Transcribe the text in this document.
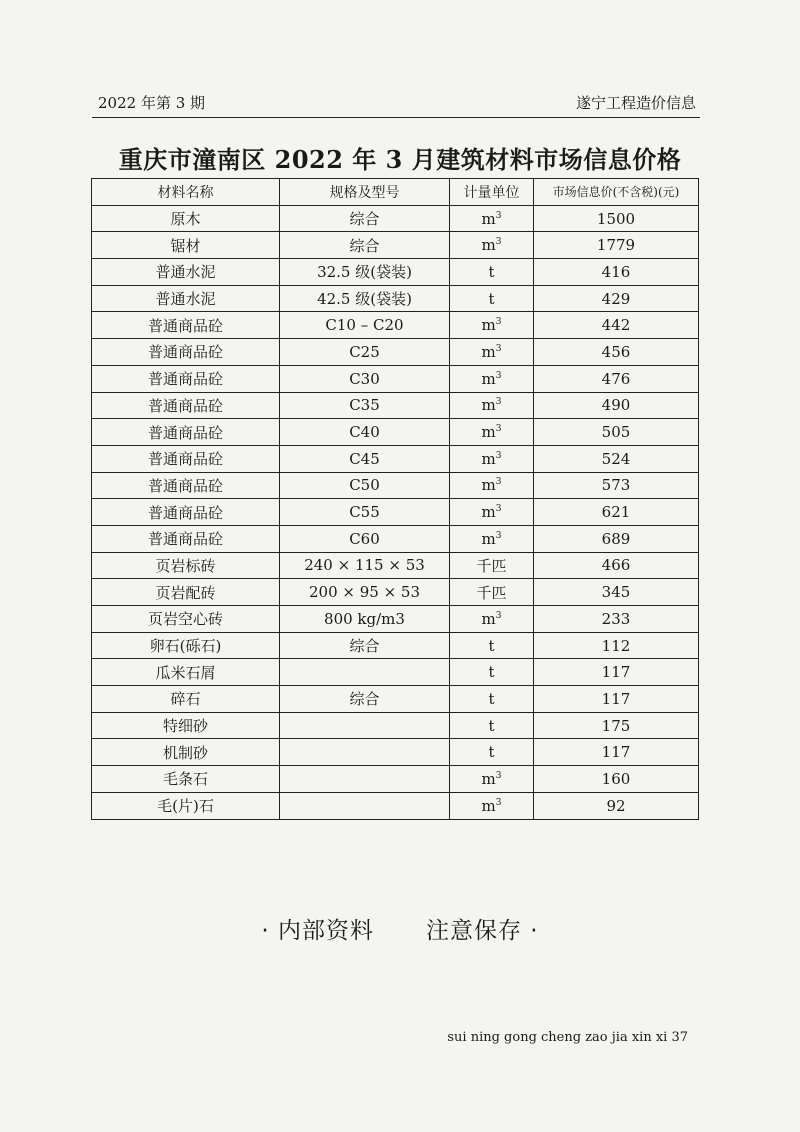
2022 年第 3 期	遂宁工程造价信息
重庆市潼南区 2022 年 3 月建筑材料市场信息价格
材料名称	规格及型号	计量单位	市场信息价(不含税)(元)
原木	综合	$m^3$	1500
锯材	综合	$m^3$	1779
普通水泥	32.5 级(袋装)	t	416
普通水泥	42.5 级(袋装)	t	429
普通商品砼	C10 – C20	$m^3$	442
普通商品砼	C25	$m^3$	456
普通商品砼	C30	$m^3$	476
普通商品砼	C35	$m^3$	490
普通商品砼	C40	$m^3$	505
普通商品砼	C45	$m^3$	524
普通商品砼	C50	$m^3$	573
普通商品砼	C55	$m^3$	621
普通商品砼	C60	$m^3$	689
页岩标砖	240 × 115 × 53	千匹	466
页岩配砖	200 × 95 × 53	千匹	345
页岩空心砖	800 kg/m3	$m^3$	233
卵石(砾石)	综合	t	112
瓜米石屑		t	117
碎石	综合	t	117
特细砂		t	175
机制砂		t	117
毛条石		$m^3$	160
毛(片)石		$m^3$	92
· 内部资料 注意保存 ·
sui ning gong cheng zao jia xin xi 37
